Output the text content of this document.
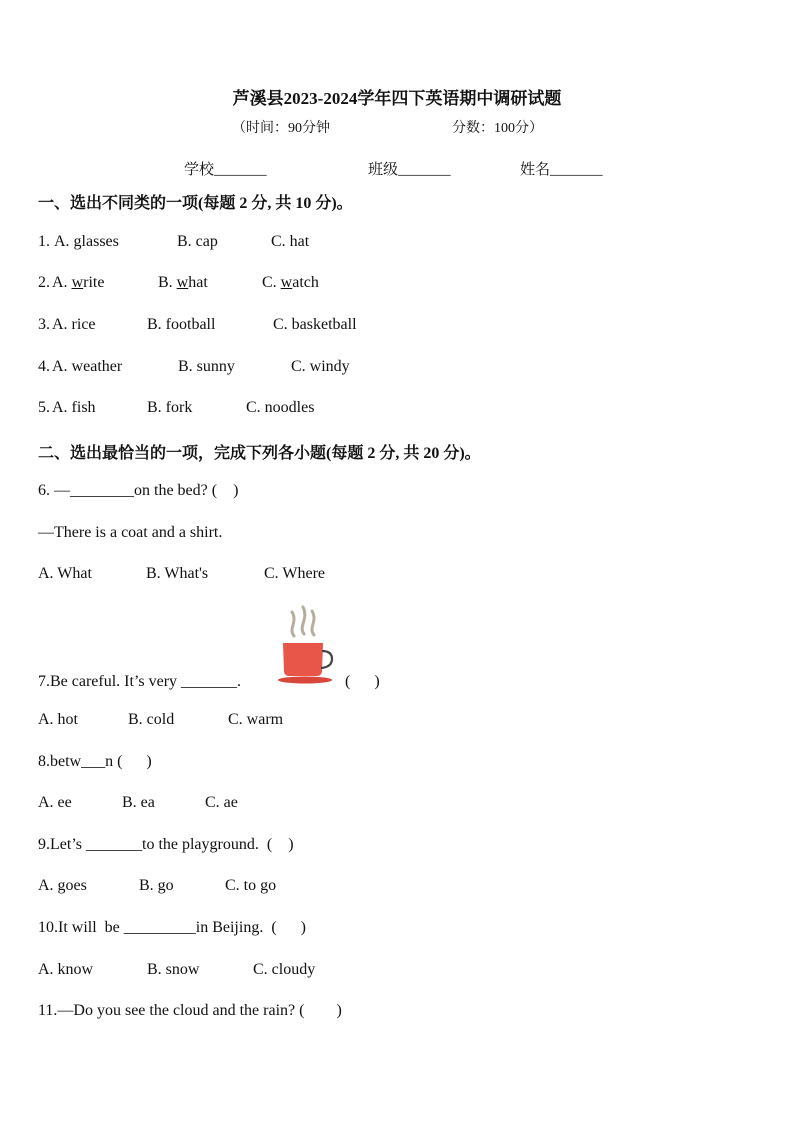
芦溪县2023-2024学年四下英语期中调研试题
（时间：90分钟	分数：100分）
学校_______	班级_______	姓名_______
一、选出不同类的一项(每题 2 分, 共 10 分)。
1. A. glasses	B. cap	C. hat
2. A. write	B. what	C. watch
3. A. rice	B. football	C. basketball
4. A. weather	B. sunny	C. windy
5. A. fish	B. fork	C. noodles
二、选出最恰当的一项，完成下列各小题(每题 2 分, 共 20 分)。
6. —________on the bed? (    )
—There is a coat and a shirt.
A. What	B. What's	C. Where
7.Be careful. It’s very _______.	(      )
A. hot	B. cold	C. warm
8.betw___n (      )
A. ee	B. ea	C. ae
9.Let’s _______to the playground.  (    )
A. goes	B. go	C. to go
10.It will  be _________in Beijing.  (      )
A. know	B. snow	C. cloudy
11.—Do you see the cloud and the rain? (        )
